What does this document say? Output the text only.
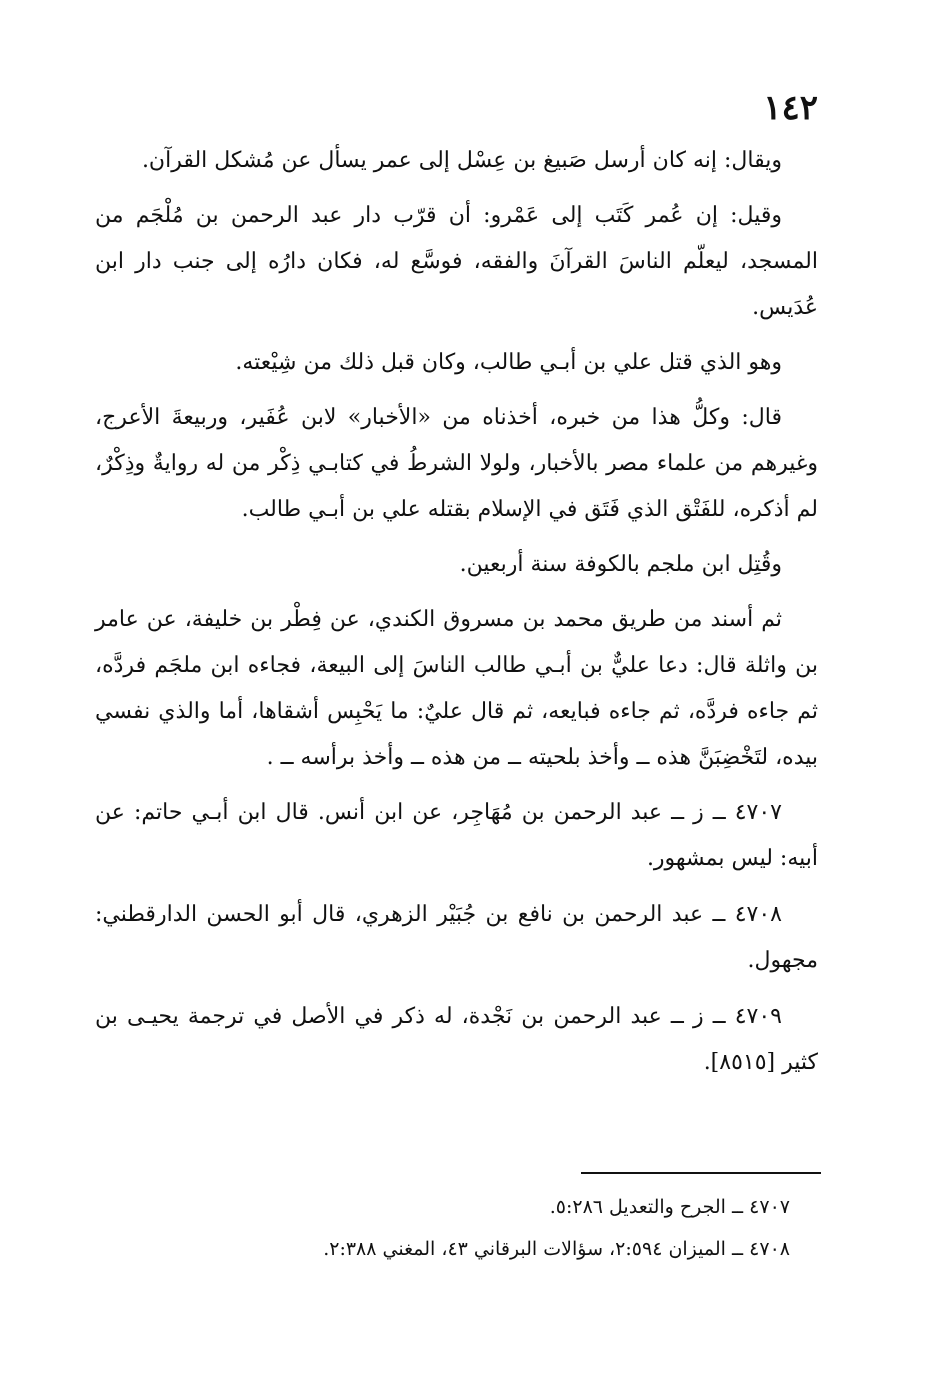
١٤٢

ويقال: إنه كان أرسل صَبيغ بن عِسْل إلى عمر يسأل عن مُشكل القرآن.

وقيل: إن عُمر كَتَب إلى عَمْرو: أن قرّب دار عبد الرحمن بن مُلْجَم من المسجد، ليعلّم الناسَ القرآنَ والفقه، فوسَّع له، فكان دارُه إلى جنب دار ابن عُدَيس.

وهو الذي قتل علي بن أبـي طالب، وكان قبل ذلك من شِيْعته.

قال: وكلُّ هذا من خبره، أخذناه من «الأخبار» لابن عُفَير، وربيعةَ الأعرج، وغيرهم من علماء مصر بالأخبار، ولولا الشرطُ في كتابـي ذِكْر من له روايةٌ وذِكْرٌ، لم أذكره، للفَتْق الذي فَتَق في الإسلام بقتله علي بن أبـي طالب.

وقُتِل ابن ملجم بالكوفة سنة أربعين.

ثم أسند من طريق محمد بن مسروق الكندي، عن فِطْر بن خليفة، عن عامر بن واثلة قال: دعا عليٌّ بن أبـي طالب الناسَ إلى البيعة، فجاءه ابن ملجَم فردَّه، ثم جاءه فردَّه، ثم جاءه فبايعه، ثم قال عليٌ: ما يَحْبِس أشقاها، أما والذي نفسي بيده، لتَخْضِبَنَّ هذه ــ وأخذ بلحيته ــ من هذه ــ وأخذ برأسه ــ .

٤٧٠٧ ــ ز ــ عبد الرحمن بن مُهَاجِر، عن ابن أنس. قال ابن أبـي حاتم: عن أبيه: ليس بمشهور.

٤٧٠٨ ــ عبد الرحمن بن نافع بن جُبَيْر الزهري، قال أبو الحسن الدارقطني: مجهول.

٤٧٠٩ ــ ز ــ عبد الرحمن بن نَجْدة، له ذكر في الأصل في ترجمة يحيـى بن كثير [٨٥١٥].

٤٧٠٧ ــ الجرح والتعديل ٥:٢٨٦.

٤٧٠٨ ــ الميزان ٢:٥٩٤، سؤالات البرقاني ٤٣، المغني ٢:٣٨٨.
